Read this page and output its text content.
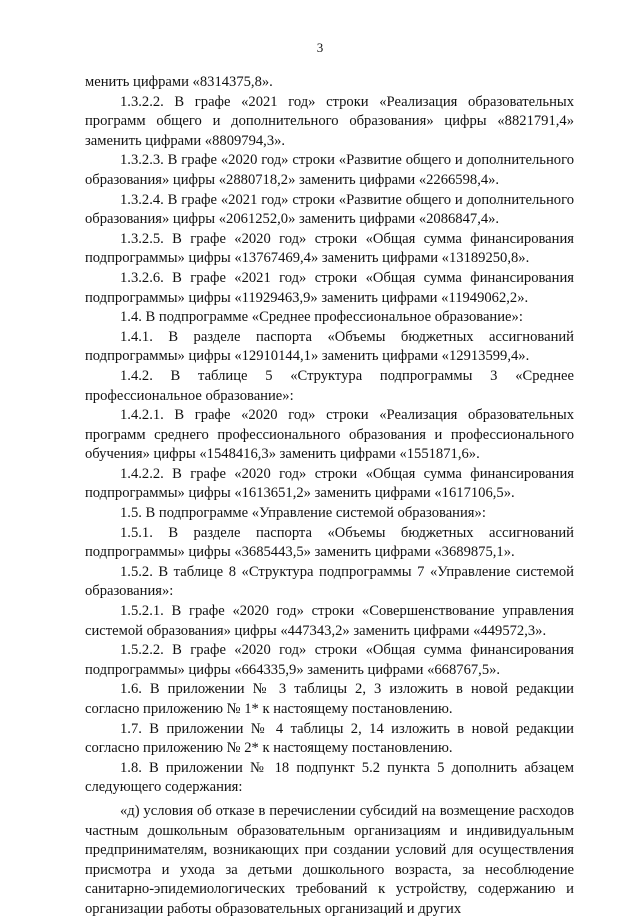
3

менить цифрами «8314375,8».

1.3.2.2. В графе «2021 год» строки «Реализация образовательных программ общего и дополнительного образования» цифры «8821791,4» заменить цифрами «8809794,3».

1.3.2.3. В графе «2020 год» строки «Развитие общего и дополнительного образования» цифры «2880718,2» заменить цифрами «2266598,4».

1.3.2.4. В графе «2021 год» строки «Развитие общего и дополнительного образования» цифры «2061252,0» заменить цифрами «2086847,4».

1.3.2.5. В графе «2020 год» строки «Общая сумма финансирования подпрограммы» цифры «13767469,4» заменить цифрами «13189250,8».

1.3.2.6. В графе «2021 год» строки «Общая сумма финансирования подпрограммы» цифры «11929463,9» заменить цифрами «11949062,2».

1.4. В подпрограмме «Среднее профессиональное образование»:

1.4.1. В разделе паспорта «Объемы бюджетных ассигнований подпрограммы» цифры «12910144,1» заменить цифрами «12913599,4».

1.4.2. В таблице 5 «Структура подпрограммы 3 «Среднее профессиональное образование»:

1.4.2.1. В графе «2020 год» строки «Реализация образовательных программ среднего профессионального образования и профессионального обучения» цифры «1548416,3» заменить цифрами «1551871,6».

1.4.2.2. В графе «2020 год» строки «Общая сумма финансирования подпрограммы» цифры «1613651,2» заменить цифрами «1617106,5».

1.5. В подпрограмме «Управление системой образования»:

1.5.1. В разделе паспорта «Объемы бюджетных ассигнований подпрограммы» цифры «3685443,5» заменить цифрами «3689875,1».

1.5.2. В таблице 8 «Структура подпрограммы 7 «Управление системой образования»:

1.5.2.1. В графе «2020 год» строки «Совершенствование управления системой образования» цифры «447343,2» заменить цифрами «449572,3».

1.5.2.2. В графе «2020 год» строки «Общая сумма финансирования подпрограммы» цифры «664335,9» заменить цифрами «668767,5».

1.6. В приложении № 3 таблицы 2, 3 изложить в новой редакции согласно приложению № 1* к настоящему постановлению.

1.7. В приложении № 4 таблицы 2, 14 изложить в новой редакции согласно приложению № 2* к настоящему постановлению.

1.8. В приложении № 18 подпункт 5.2 пункта 5 дополнить абзацем следующего содержания:

«д) условия об отказе в перечислении субсидий на возмещение расходов частным дошкольным образовательным организациям и индивидуальным предпринимателям, возникающих при создании условий для осуществления присмотра и ухода за детьми дошкольного возраста, за несоблюдение санитарно-эпидемиологических требований к устройству, содержанию и организации работы образовательных организаций и других
